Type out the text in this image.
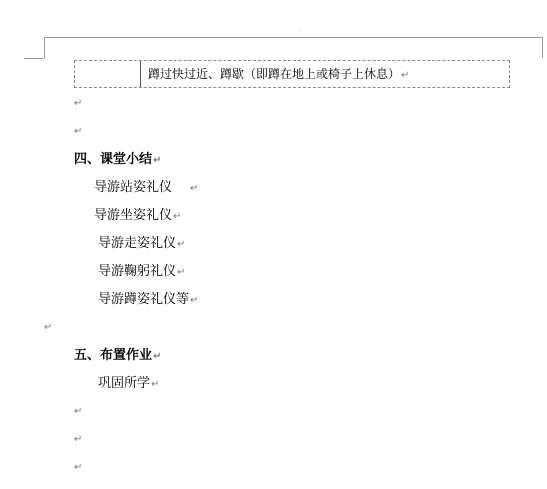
·
蹲过快过近、蹲歇（即蹲在地上或椅子上休息）↵
↵
↵
四、课堂小结↵
导游站姿礼仪 ↵
导游坐姿礼仪↵
导游走姿礼仪↵
导游鞠躬礼仪↵
导游蹲姿礼仪等↵
↵
五、布置作业↵
巩固所学↵
↵
↵
↵
